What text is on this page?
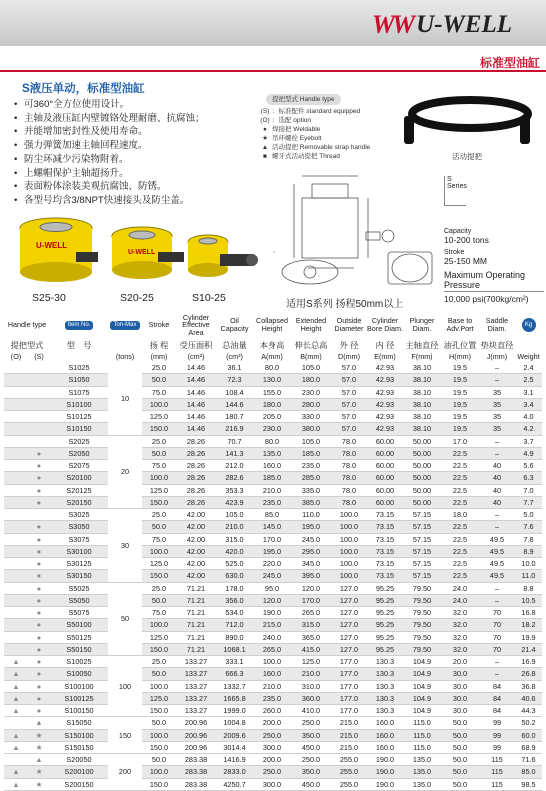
WW U-WELL
标准型油缸
S液压单动，标准型油缸
• 可360°全方位使用设计。
• 主轴及液压缸内壁镀铬处理耐磨、抗腐蚀；
• 并能增加密封性及使用寿命。
• 强力弹簧加速主轴回程速度。
• 防尘环减少污染物附着。
• 上螺帽保护主轴超扬升。
• 表面粉体涂装美观抗腐蚀、防锈。
• 各型号均含3/8NPT快速接头及防尘盖。
提把型式 Handle type
(S) ：标准配件 standard equipped
(O) ：选配 option
● 焊接把 Weldable
★ 吊环螺栓 Eyebolt
▲ 活动提把 Removable strap handle
■ 螺牙式活动提把 Thread	活动提把
S Series
Capacity
10-200 tons
Stroke
25-150 MM
Maximum Operating Pressure
10,000 psi(700kg/cm²)
U-WELL
S25-30
U-WELL
S20-25	S10-25
适用S系列 扬程50mm以上
Handle type		Item No.	Ton-Max	Stroke	Cylinder Effective Area	Oil Capacity	Collapsed Height	Extended Height	Outside Diameter	Cylinder Bore Diam.	Plunger Diam.	Base to Adv.Port	Saddle Diam.	Kg
提把型式		型　号		扬 程	受压面积	总油量	本身高	伸长总高	外 径	内 径	主轴直径	油孔位置	垫块直径	
(O)	(S)		(tons)	(mm)	(cm²)	(cm³)	A(mm)	B(mm)	D(mm)	E(mm)	F(mm)	H(mm)	J(mm)	Weight
		S1025	10	25.0	14.46	36.1	80.0	105.0	57.0	42.93	38.10	19.5	–	2.4
		S1050		50.0	14.46	72.3	130.0	180.0	57.0	42.93	38.10	19.5	–	2.5
		S1075		75.0	14.46	108.4	155.0	230.0	57.0	42.93	38.10	19.5	35	3.1
		S10100		100.0	14.46	144.6	180.0	280.0	57.0	42.93	38.10	19.5	35	3.4
		S10125		125.0	14.46	180.7	205.0	330.0	57.0	42.93	38.10	19.5	35	4.0
		S10150		150.0	14.46	216.9	230.0	380.0	57.0	42.93	38.10	19.5	35	4.2
		S2025	20	25.0	28.26	70.7	80.0	105.0	78.0	60.00	50.00	17.0	–	3.7
	●	S2050		50.0	28.26	141.3	135.0	185.0	78.0	60.00	50.00	22.5	–	4.9
	●	S2075		75.0	28.26	212.0	160.0	235.0	78.0	60.00	50.00	22.5	40	5.6
	●	S20100		100.0	28.26	282.6	185.0	285.0	78.0	60.00	50.00	22.5	40	6.3
	●	S20125		125.0	28.26	353.3	210.0	335.0	78.0	60.00	50.00	22.5	40	7.0
	●	S20150		150.0	28.26	423.9	235.0	385.0	78.0	60.00	50.00	22.5	40	7.7
		S3025	30	25.0	42.00	105.0	85.0	110.0	100.0	73.15	57.15	18.0	–	5.0
	●	S3050		50.0	42.00	210.0	145.0	195.0	100.0	73.15	57.15	22.5	–	7.6
	●	S3075		75.0	42.00	315.0	170.0	245.0	100.0	73.15	57.15	22.5	49.5	7.8
	●	S30100		100.0	42.00	420.0	195.0	295.0	100.0	73.15	57.15	22.5	49.5	8.9
	●	S30125		125.0	42.00	525.0	220.0	345.0	100.0	73.15	57.15	22.5	49.5	10.0
	●	S30150		150.0	42.00	630.0	245.0	395.0	100.0	73.15	57.15	22.5	49.5	11.0
	●	S5025	50	25.0	71.21	178.0	95.0	120.0	127.0	95.25	79.50	24.0	–	8.8
	●	S5050		50.0	71.21	356.0	120.0	170.0	127.0	95.25	79.50	24.0	–	10.5
	●	S5075		75.0	71.21	534.0	190.0	265.0	127.0	95.25	79.50	32.0	70	16.8
	●	S50100		100.0	71.21	712.0	215.0	315.0	127.0	95.25	79.50	32.0	70	18.2
	●	S50125		125.0	71.21	890.0	240.0	365.0	127.0	95.25	79.50	32.0	70	19.9
	●	S50150		150.0	71.21	1068.1	265.0	415.0	127.0	95.25	79.50	32.0	70	21.4
▲	●	S10025	100	25.0	133.27	333.1	100.0	125.0	177.0	130.3	104.9	20.0	–	16.9
▲	●	S10050		50.0	133.27	666.3	160.0	210.0	177.0	130.3	104.9	30.0	–	26.8
▲	●	S100100		100.0	133.27	1332.7	210.0	310.0	177.0	130.3	104.9	30.0	84	36.8
▲	●	S100125		125.0	133.27	1665.8	235.0	360.0	177.0	130.3	104.9	30.0	84	40.6
▲	●	S100150		150.0	133.27	1999.0	260.0	410.0	177.0	130.3	104.9	30.0	84	44.3
	▲	S15050	150	50.0	200.96	1004.8	200.0	250.0	215.0	160.0	115.0	50.0	99	50.2
▲	★	S150100		100.0	200.96	2009.6	250.0	350.0	215.0	160.0	115.0	50.0	99	60.0
▲	★	S150150		150.0	200.96	3014.4	300.0	450.0	215.0	160.0	115.0	50.0	99	68.9
	▲	S20050	200	50.0	283.38	1416.9	200.0	250.0	255.0	190.0	135.0	50.0	115	71.6
▲	★	S200100		100.0	283.38	2833.0	250.0	350.0	255.0	190.0	135.0	50.0	115	85.0
▲	★	S200150		150.0	283.38	4250.7	300.0	450.0	255.0	190.0	135.0	50.0	115	98.5
